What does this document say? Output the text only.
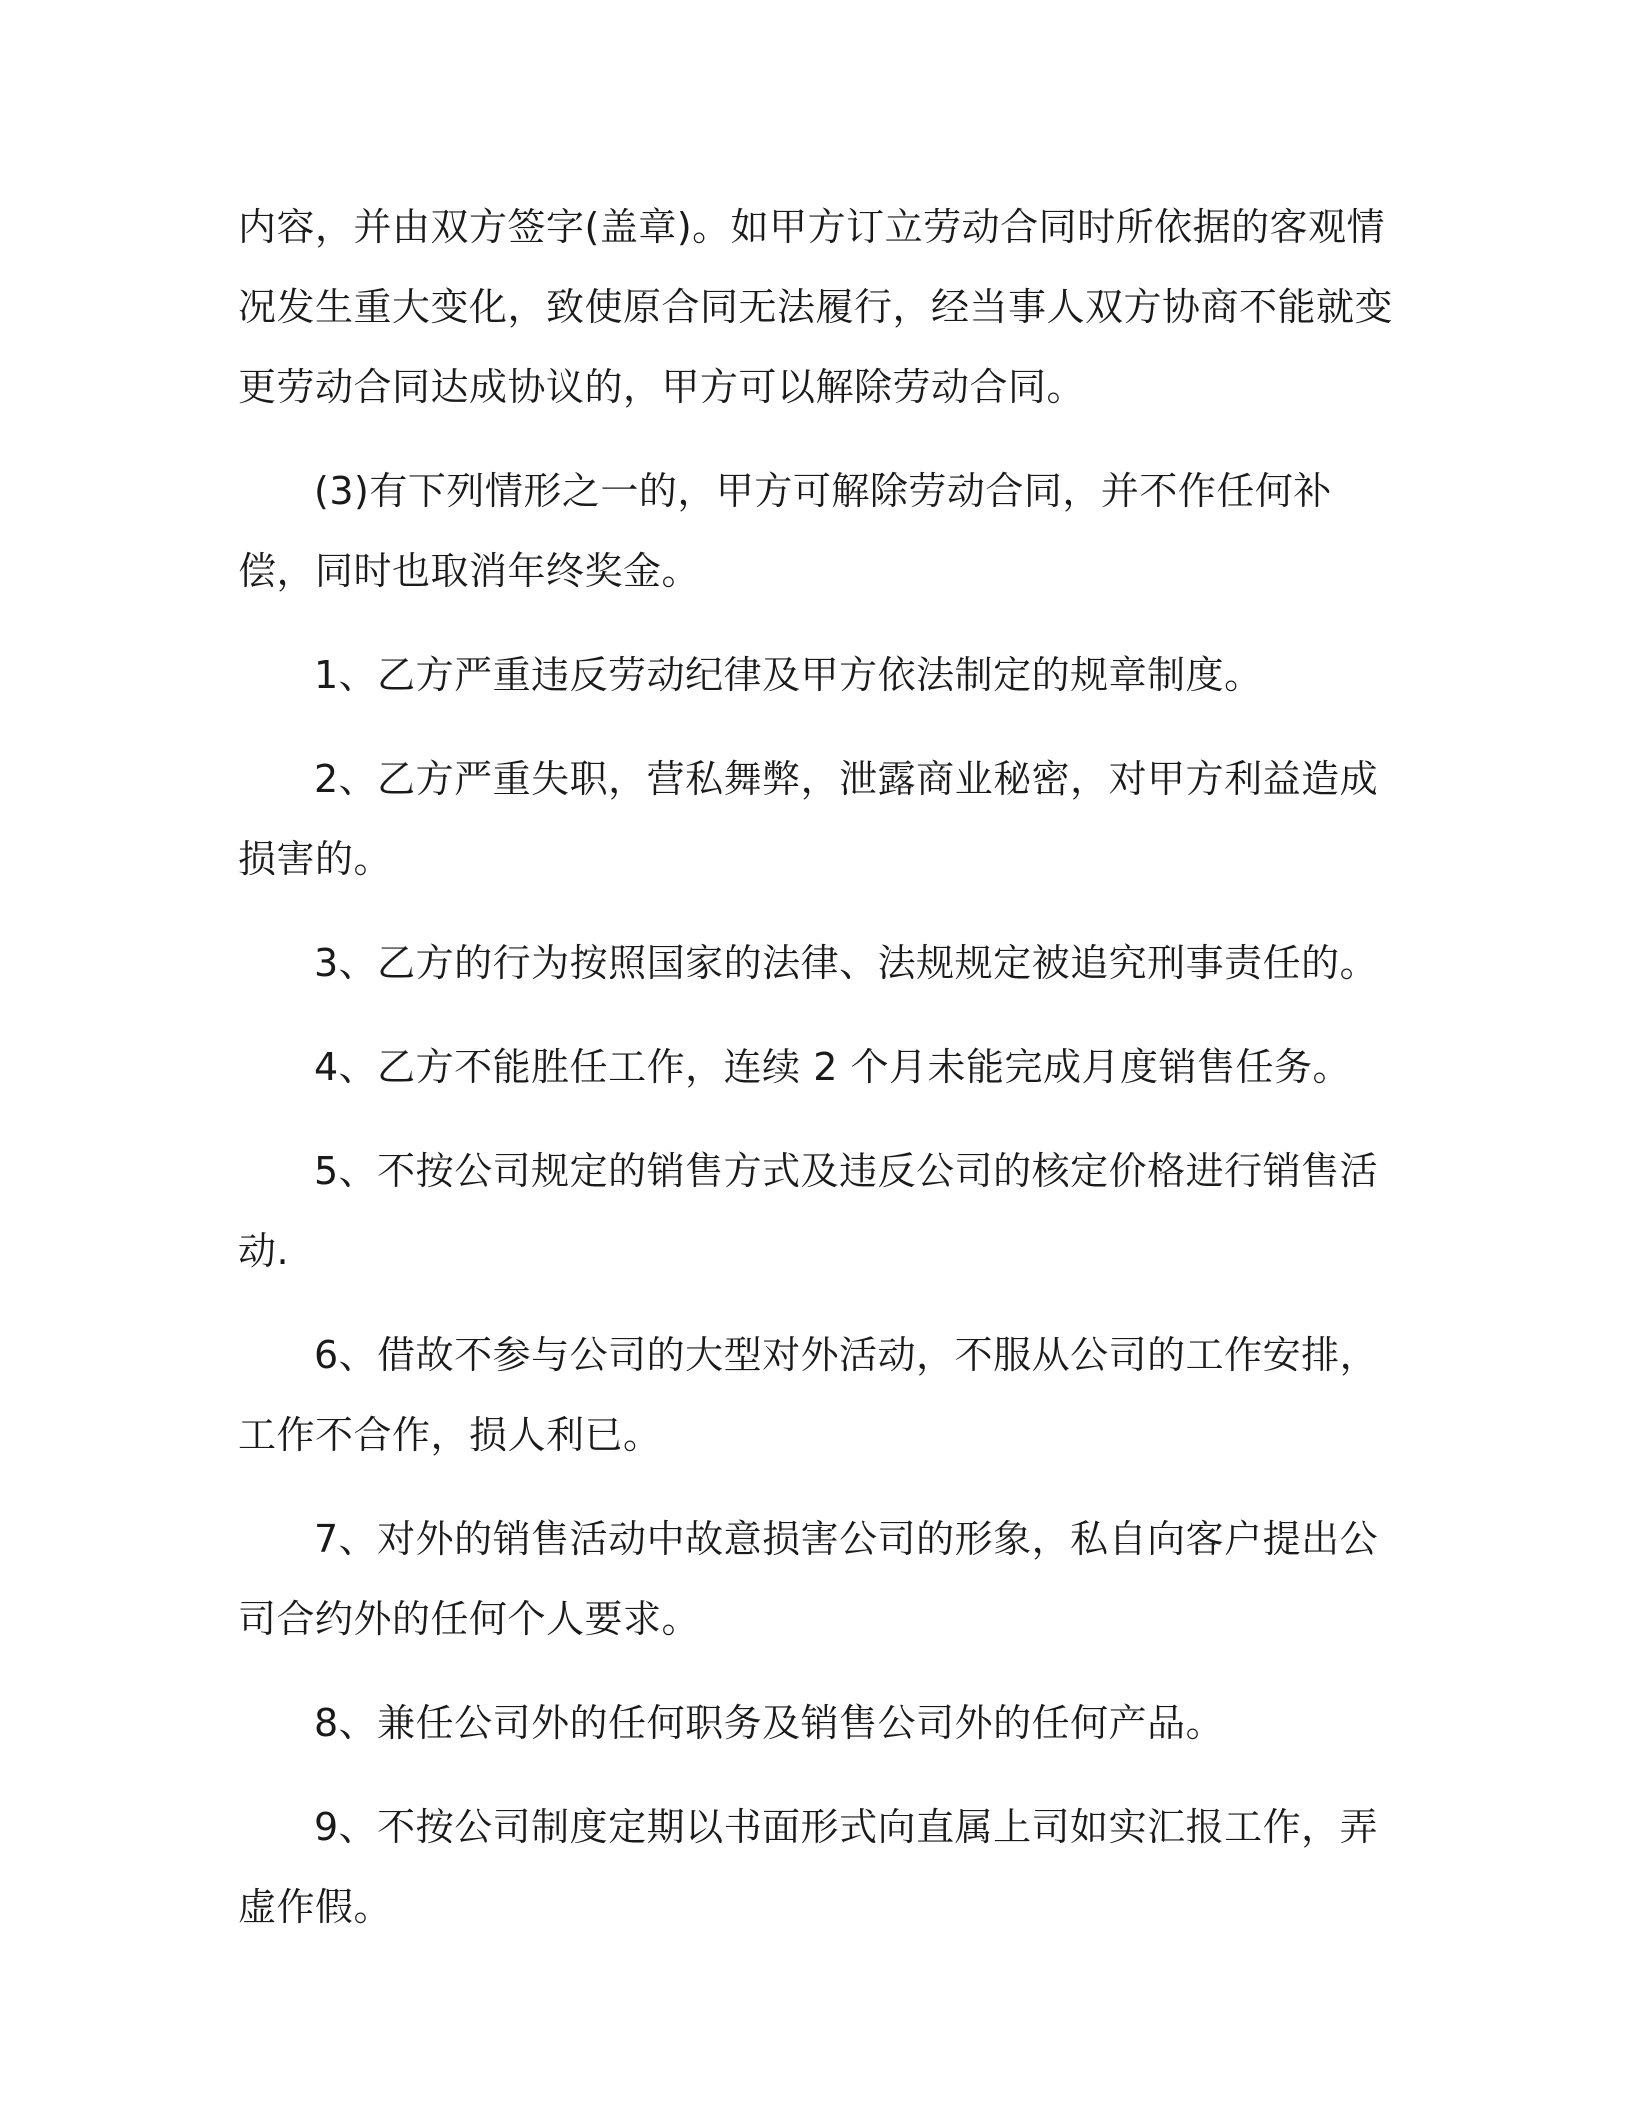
内容，并由双方签字(盖章)。如甲方订立劳动合同时所依据的客观情况发生重大变化，致使原合同无法履行，经当事人双方协商不能就变更劳动合同达成协议的，甲方可以解除劳动合同。

(3)有下列情形之一的，甲方可解除劳动合同，并不作任何补偿，同时也取消年终奖金。

1、乙方严重违反劳动纪律及甲方依法制定的规章制度。

2、乙方严重失职，营私舞弊，泄露商业秘密，对甲方利益造成损害的。

3、乙方的行为按照国家的法律、法规规定被追究刑事责任的。

4、乙方不能胜任工作，连续 2 个月未能完成月度销售任务。

5、不按公司规定的销售方式及违反公司的核定价格进行销售活动.

6、借故不参与公司的大型对外活动，不服从公司的工作安排，工作不合作，损人利已。

7、对外的销售活动中故意损害公司的形象，私自向客户提出公司合约外的任何个人要求。

8、兼任公司外的任何职务及销售公司外的任何产品。

9、不按公司制度定期以书面形式向直属上司如实汇报工作，弄虚作假。
